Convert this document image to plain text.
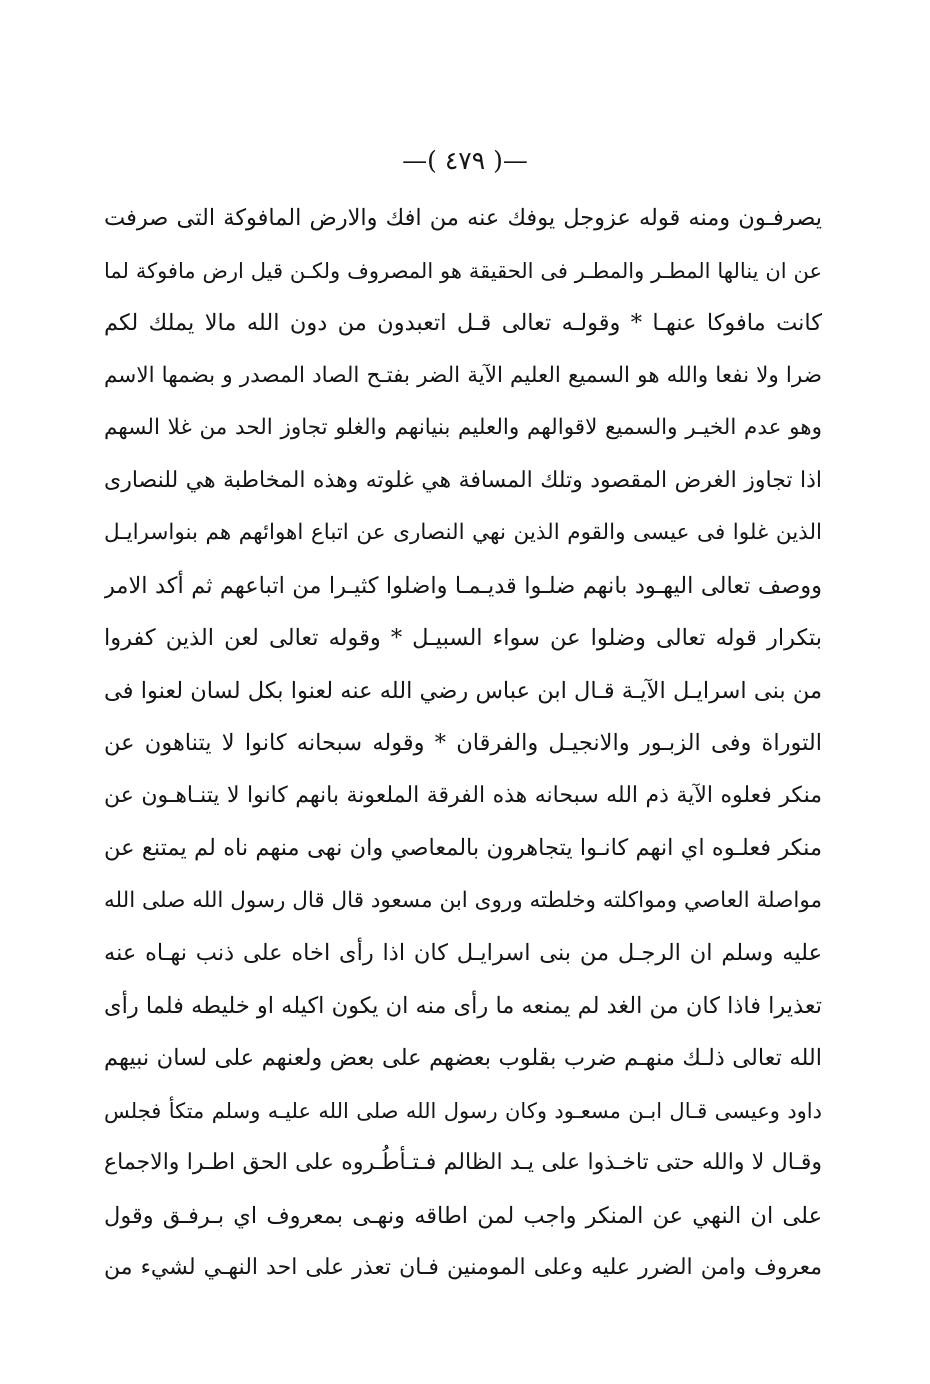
—( ٤٧٩ )—
يصرفـون ومنه قوله عزوجل يوفك عنه من افك والارض المافوكة التى صرفت
عن ان ينالها المطـر والمطـر فى الحقيقة هو المصروف ولكـن قيل ارض مافوكة لما
كانت مافوكا عنهـا * وقولـه تعالى قـل اتعبدون من دون الله مالا يملك لكم
ضرا ولا نفعا والله هو السميع العليم الآية الضر بفتـح الصاد المصدر و بضمها الاسم
وهو عدم الخيـر والسميع لاقوالهم والعليم بنيانهم والغلو تجاوز الحد من غلا السهم
اذا تجاوز الغرض المقصود وتلك المسافة هي غلوته وهذه المخاطبة هي للنصارى
الذين غلوا فى عيسى والقوم الذين نهي النصارى عن اتباع اهوائهم هم بنواسرايـل
ووصف تعالى اليهـود بانهم ضلـوا قديـمـا واضلوا كثيـرا من اتباعهم ثم أكد الامر
بتكرار قوله تعالى وضلوا عن سواء السبيـل * وقوله تعالى لعن الذين كفروا
من بنى اسرايـل الآيـة قـال ابن عباس رضي الله عنه لعنوا بكل لسان لعنوا فى
التوراة وفى الزبـور والانجيـل والفرقان * وقوله سبحانه كانوا لا يتناهون عن
منكر فعلوه الآية ذم الله سبحانه هذه الفرقة الملعونة بانهم كانوا لا يتنـاهـون عن
منكر فعلـوه اي انهم كانـوا يتجاهرون بالمعاصي وان نهى منهم ناه لم يمتنع عن
مواصلة العاصي ومواكلته وخلطته وروى ابن مسعود قال قال رسول الله صلى الله
عليه وسلم ان الرجـل من بنى اسرايـل كان اذا رأى اخاه على ذنب نهـاه عنه
تعذيرا فاذا كان من الغد لم يمنعه ما رأى منه ان يكون اكيله او خليطه فلما رأى
الله تعالى ذلـك منهـم ضرب بقلوب بعضهم على بعض ولعنهم على لسان نبيهم
داود وعيسى قـال ابـن مسعـود وكان رسول الله صلى الله عليـه وسلم متكأ فجلس
وقـال لا والله حتى تاخـذوا على يـد الظالم فـتـأطُـروه على الحق اطـرا والاجماع
على ان النهي عن المنكر واجب لمن اطاقه ونهـى بمعروف اي بـرفـق وقول
معروف وامن الضرر عليه وعلى المومنين فـان تعذر على احد النهـي لشيء من
